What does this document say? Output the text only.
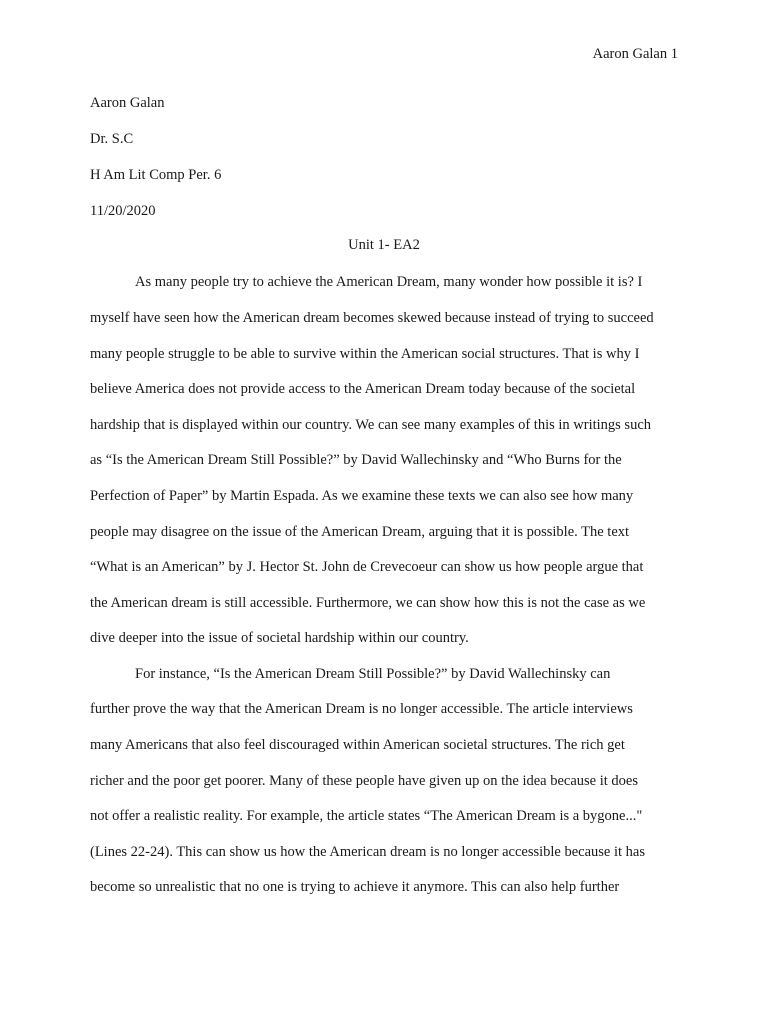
Aaron Galan 1
Aaron Galan
Dr. S.C
H Am Lit Comp Per. 6
11/20/2020
Unit 1- EA2
As many people try to achieve the American Dream, many wonder how possible it is? I
myself have seen how the American dream becomes skewed because instead of trying to succeed
many people struggle to be able to survive within the American social structures. That is why I
believe America does not provide access to the American Dream today because of the societal
hardship that is displayed within our country. We can see many examples of this in writings such
as “Is the American Dream Still Possible?” by David Wallechinsky and “Who Burns for the
Perfection of Paper” by Martin Espada. As we examine these texts we can also see how many
people may disagree on the issue of the American Dream, arguing that it is possible. The text
“What is an American” by J. Hector St. John de Crevecoeur can show us how people argue that
the American dream is still accessible. Furthermore, we can show how this is not the case as we
dive deeper into the issue of societal hardship within our country.
For instance, “Is the American Dream Still Possible?” by David Wallechinsky can
further prove the way that the American Dream is no longer accessible. The article interviews
many Americans that also feel discouraged within American societal structures. The rich get
richer and the poor get poorer. Many of these people have given up on the idea because it does
not offer a realistic reality. For example, the article states “The American Dream is a bygone..."
(Lines 22-24). This can show us how the American dream is no longer accessible because it has
become so unrealistic that no one is trying to achieve it anymore. This can also help further
